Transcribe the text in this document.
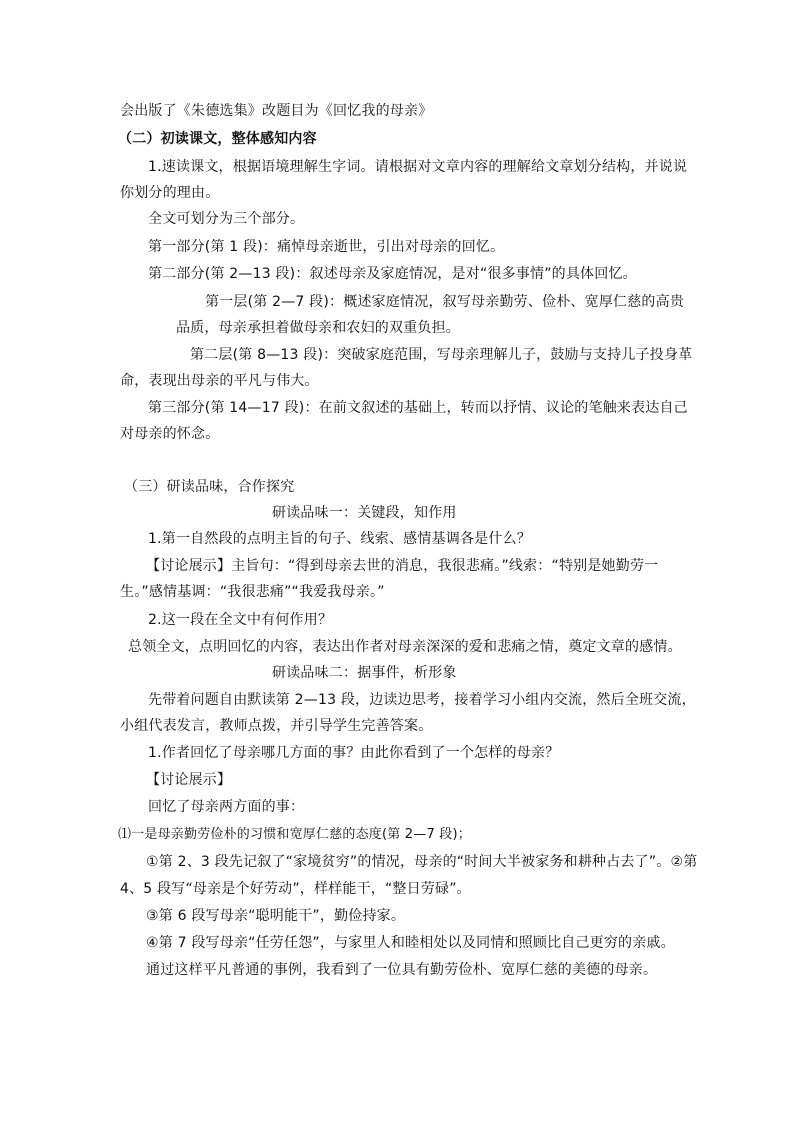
会出版了《朱德选集》改题目为《回忆我的母亲》
（二）初读课文，整体感知内容
1.速读课文，根据语境理解生字词。请根据对文章内容的理解给文章划分结构，并说说
你划分的理由。
全文可划分为三个部分。
第一部分(第 1 段)：痛悼母亲逝世，引出对母亲的回忆。
第二部分(第 2—13 段)：叙述母亲及家庭情况，是对“很多事情”的具体回忆。
第一层(第 2—7 段)：概述家庭情况，叙写母亲勤劳、俭朴、宽厚仁慈的高贵
品质，母亲承担着做母亲和农妇的双重负担。
第二层(第 8—13 段)：突破家庭范围，写母亲理解儿子，鼓励与支持儿子投身革
命，表现出母亲的平凡与伟大。
第三部分(第 14—17 段)：在前文叙述的基础上，转而以抒情、议论的笔触来表达自己
对母亲的怀念。
（三）研读品味，合作探究
研读品味一：关键段，知作用
1.第一自然段的点明主旨的句子、线索、感情基调各是什么？
【讨论展示】主旨句：“得到母亲去世的消息，我很悲痛。”线索：“特别是她勤劳一
生。”感情基调：“我很悲痛”“我爱我母亲。”
2.这一段在全文中有何作用？
总领全文，点明回忆的内容，表达出作者对母亲深深的爱和悲痛之情，奠定文章的感情。
研读品味二：据事件，析形象
先带着问题自由默读第 2—13 段，边读边思考，接着学习小组内交流，然后全班交流，
小组代表发言，教师点拨，并引导学生完善答案。
1.作者回忆了母亲哪几方面的事？由此你看到了一个怎样的母亲？
【讨论展示】
回忆了母亲两方面的事：
⑴一是母亲勤劳俭朴的习惯和宽厚仁慈的态度(第 2—7 段)；
①第 2、3 段先记叙了“家境贫穷”的情况，母亲的“时间大半被家务和耕种占去了”。②第
4、5 段写“母亲是个好劳动”，样样能干，“整日劳碌”。
③第 6 段写母亲“聪明能干”，勤俭持家。
④第 7 段写母亲“任劳任怨”，与家里人和睦相处以及同情和照顾比自己更穷的亲戚。
通过这样平凡普通的事例，我看到了一位具有勤劳俭朴、宽厚仁慈的美德的母亲。
